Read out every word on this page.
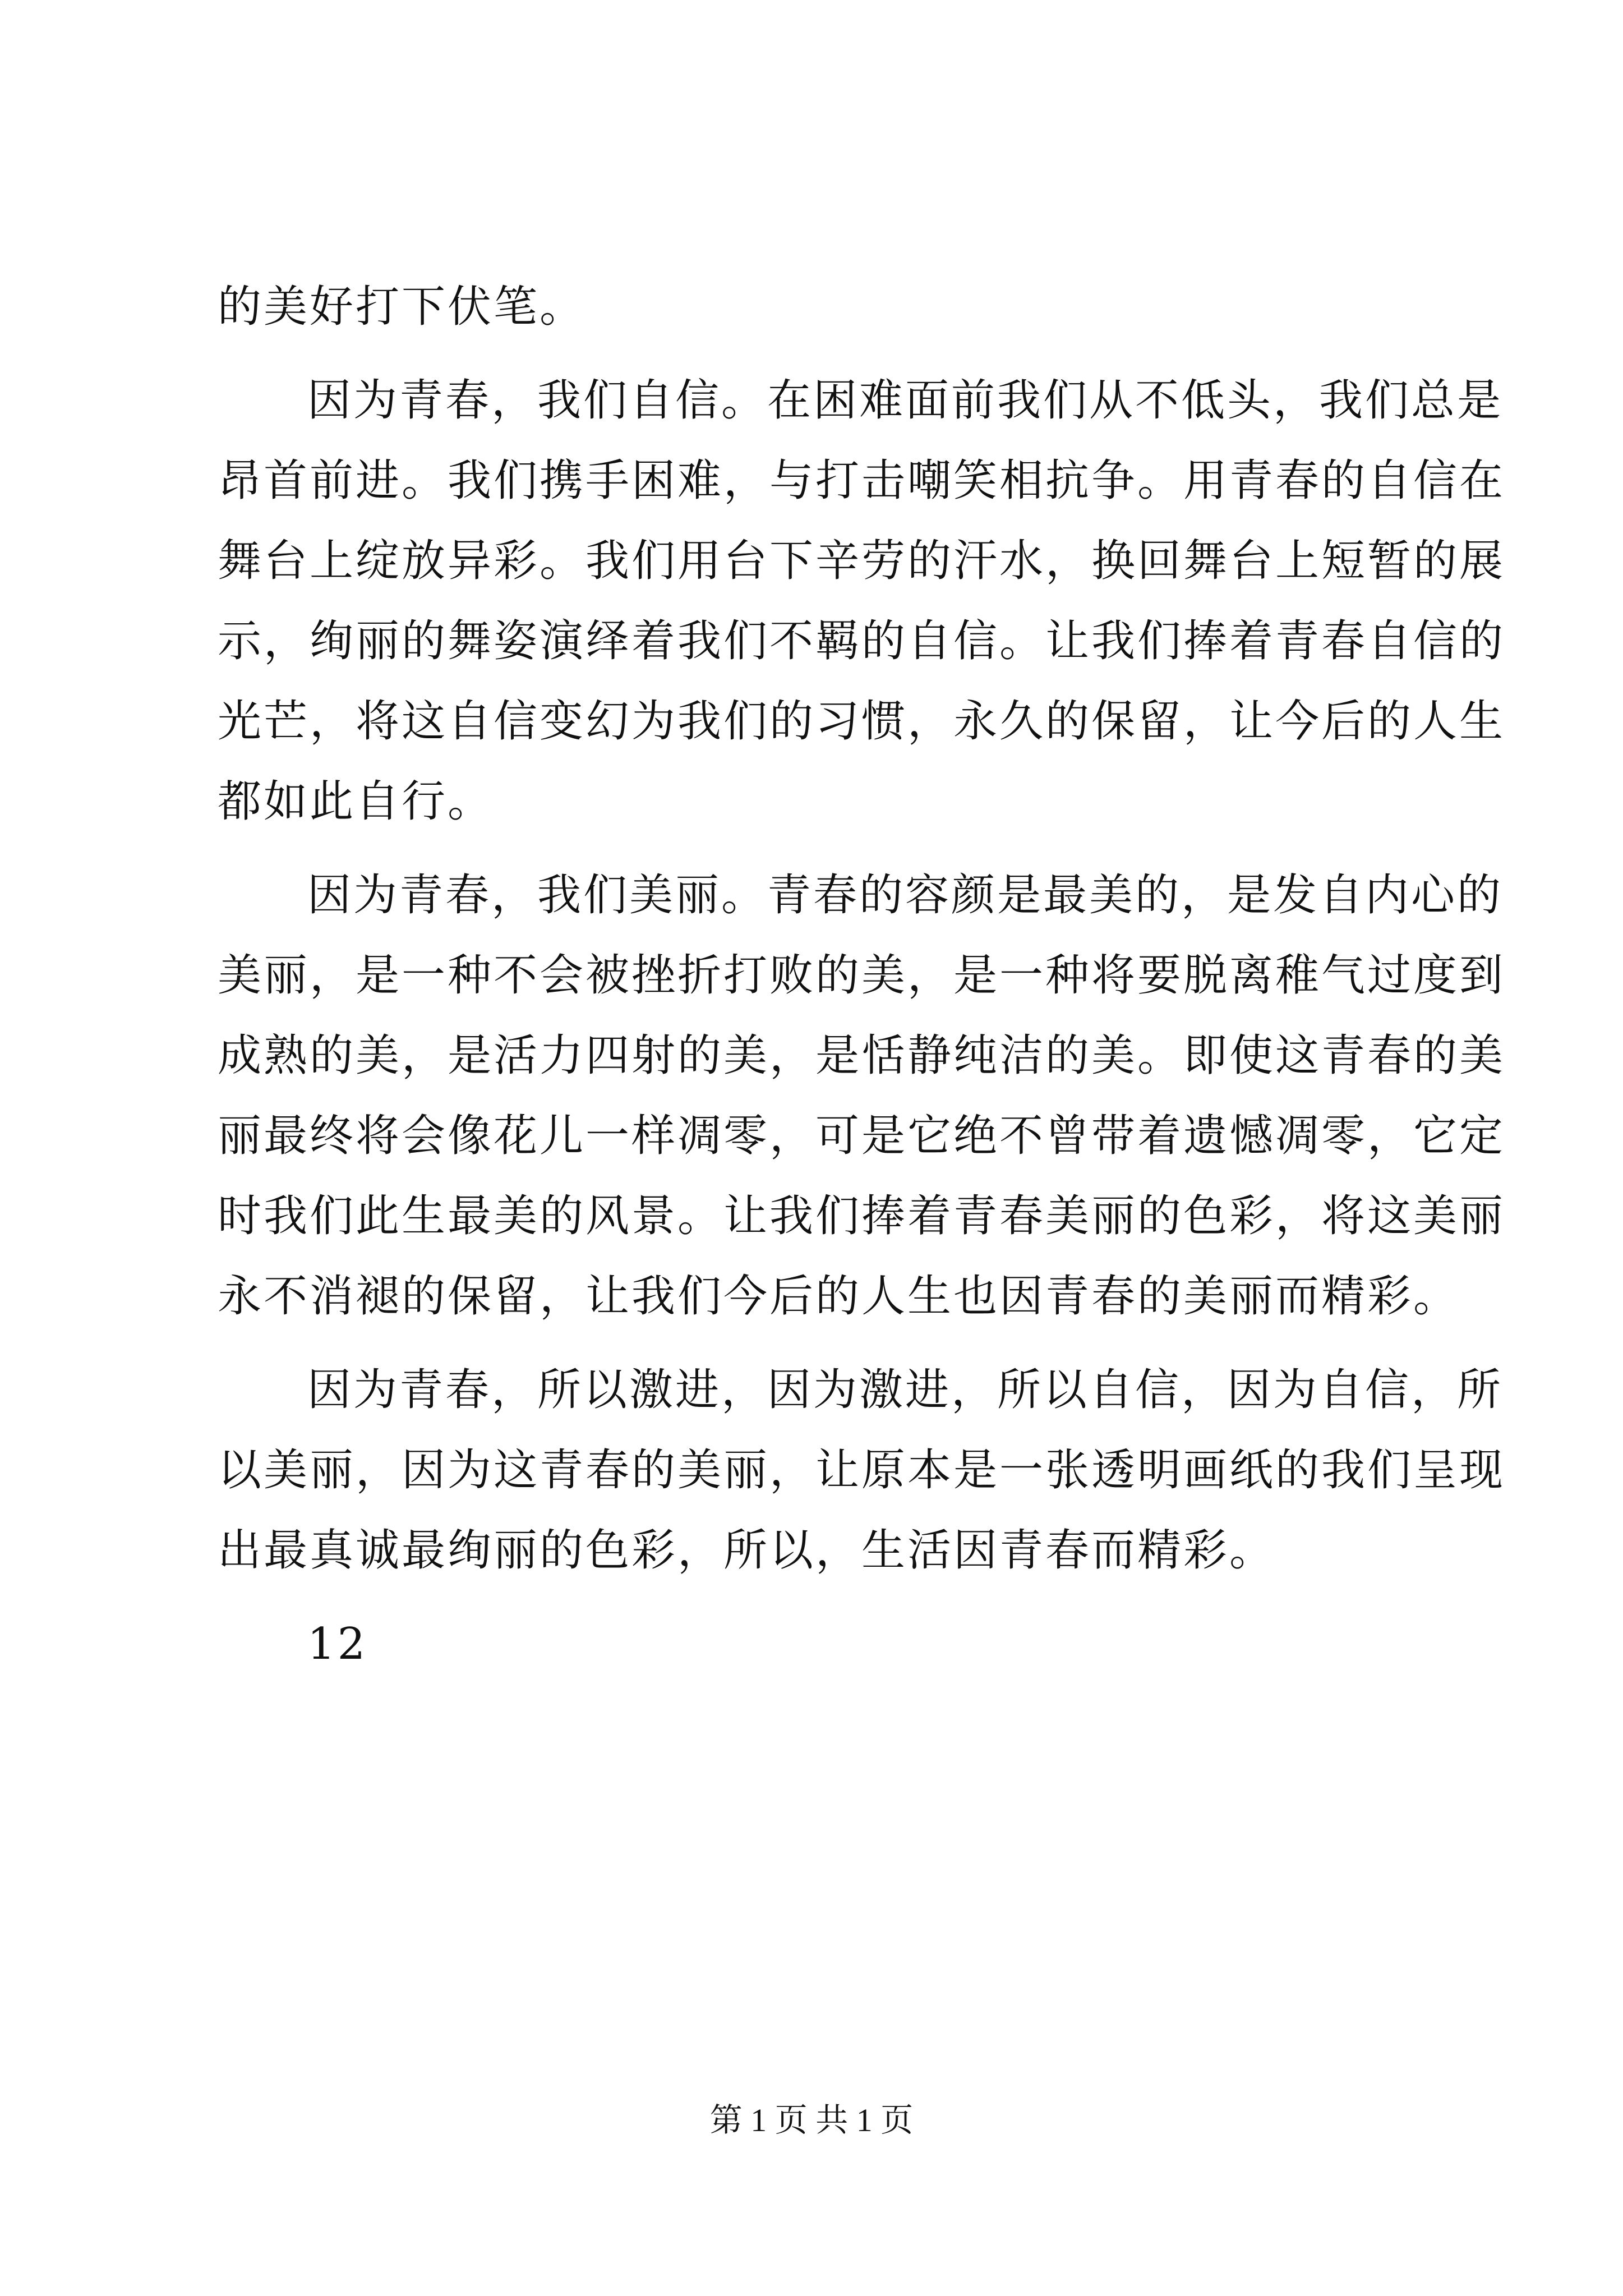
的美好打下伏笔。
因为青春，我们自信。在困难面前我们从不低头，我们总是
昂首前进。我们携手困难，与打击嘲笑相抗争。用青春的自信在
舞台上绽放异彩。我们用台下辛劳的汗水，换回舞台上短暂的展
示，绚丽的舞姿演绎着我们不羁的自信。让我们捧着青春自信的
光芒，将这自信变幻为我们的习惯，永久的保留，让今后的人生
都如此自行。
因为青春，我们美丽。青春的容颜是最美的，是发自内心的
美丽，是一种不会被挫折打败的美，是一种将要脱离稚气过度到
成熟的美，是活力四射的美，是恬静纯洁的美。即使这青春的美
丽最终将会像花儿一样凋零，可是它绝不曾带着遗憾凋零，它定
时我们此生最美的风景。让我们捧着青春美丽的色彩，将这美丽
永不消褪的保留，让我们今后的人生也因青春的美丽而精彩。
因为青春，所以激进，因为激进，所以自信，因为自信，所
以美丽，因为这青春的美丽，让原本是一张透明画纸的我们呈现
出最真诚最绚丽的色彩，所以，生活因青春而精彩。
12
第 1 页 共 1 页
